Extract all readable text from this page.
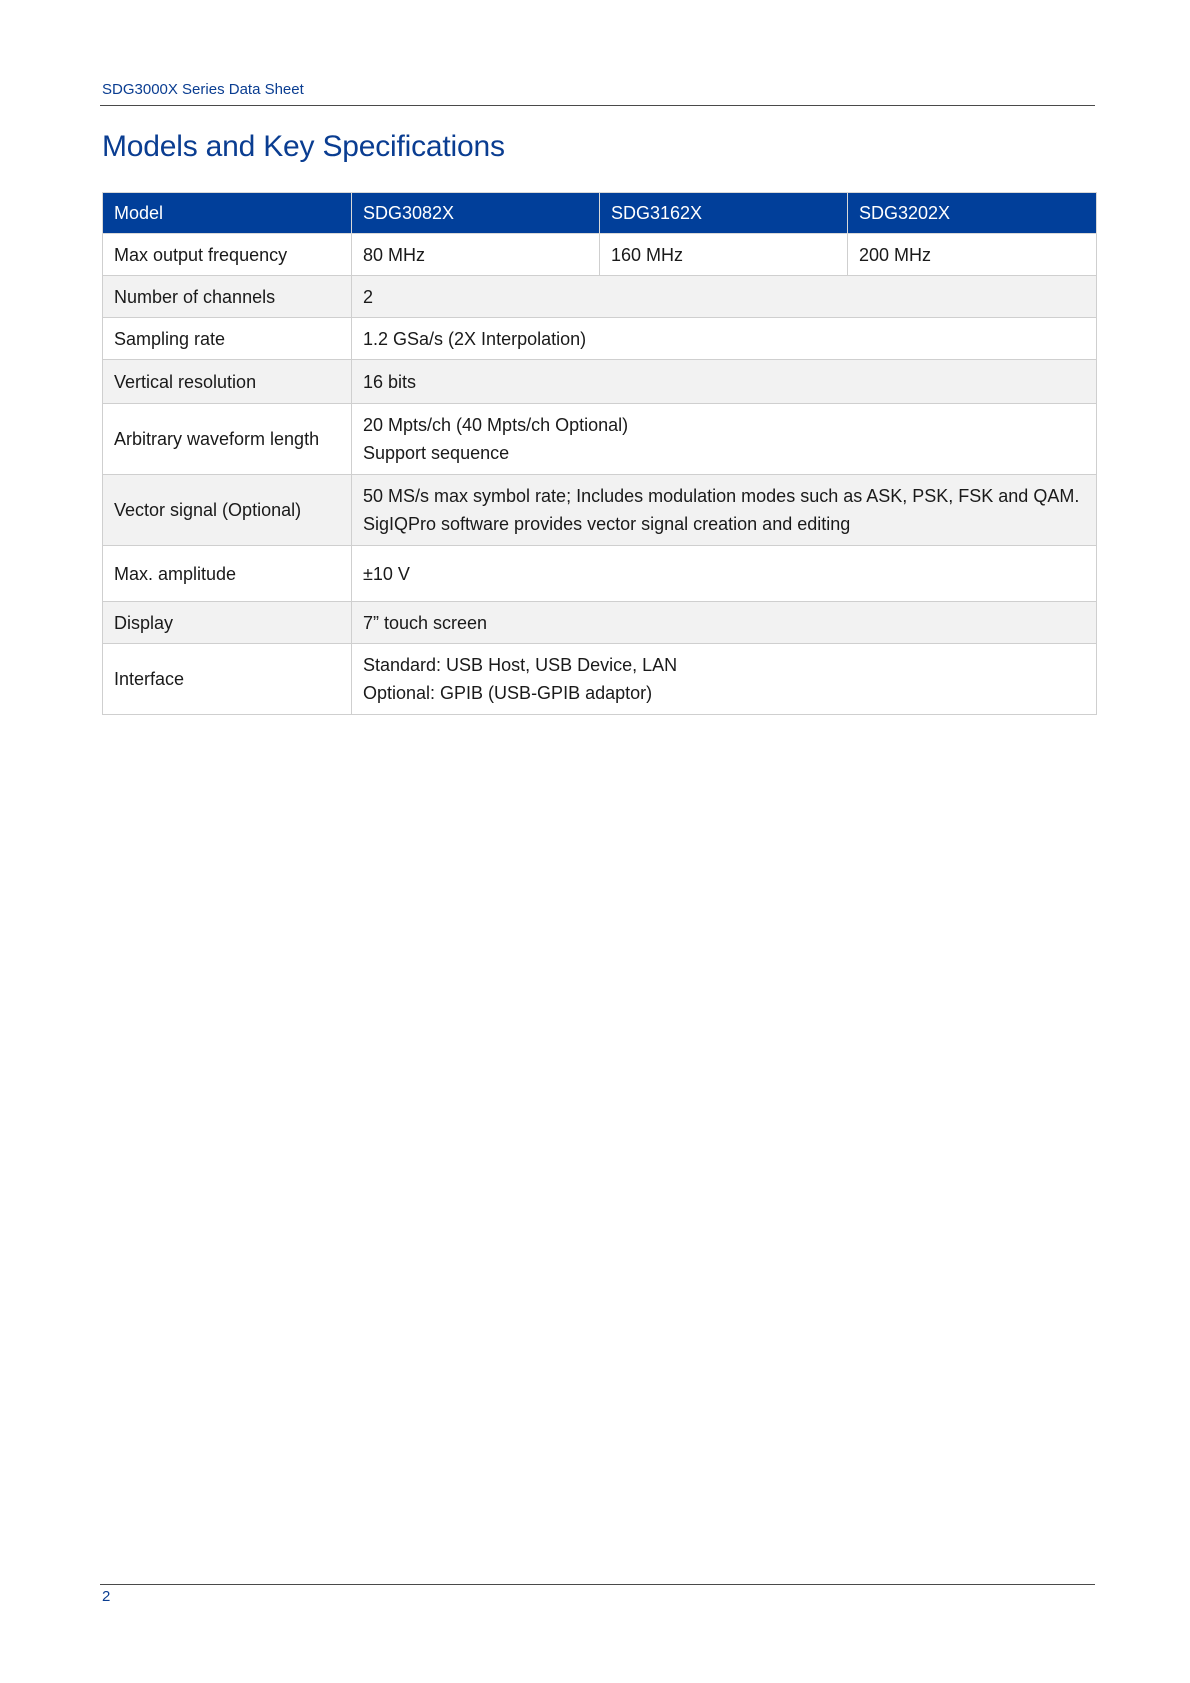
SDG3000X Series Data Sheet
Models and Key Specifications
Model	SDG3082X	SDG3162X	SDG3202X
Max output frequency	80 MHz	160 MHz	200 MHz
Number of channels	2		
Sampling rate	1.2 GSa/s (2X Interpolation)		
Vertical resolution	16 bits		
Arbitrary waveform length	20 Mpts/ch (40 Mpts/ch Optional)
Support sequence		

Vector signal (Optional)	50 MS/s max symbol rate; Includes modulation modes such as ASK, PSK, FSK and QAM.
SigIQPro software provides vector signal creation and editing		

Max. amplitude	±10 V		
Display	7” touch screen		
Interface	Standard: USB Host, USB Device, LAN
Optional: GPIB (USB-GPIB adaptor)		
2
